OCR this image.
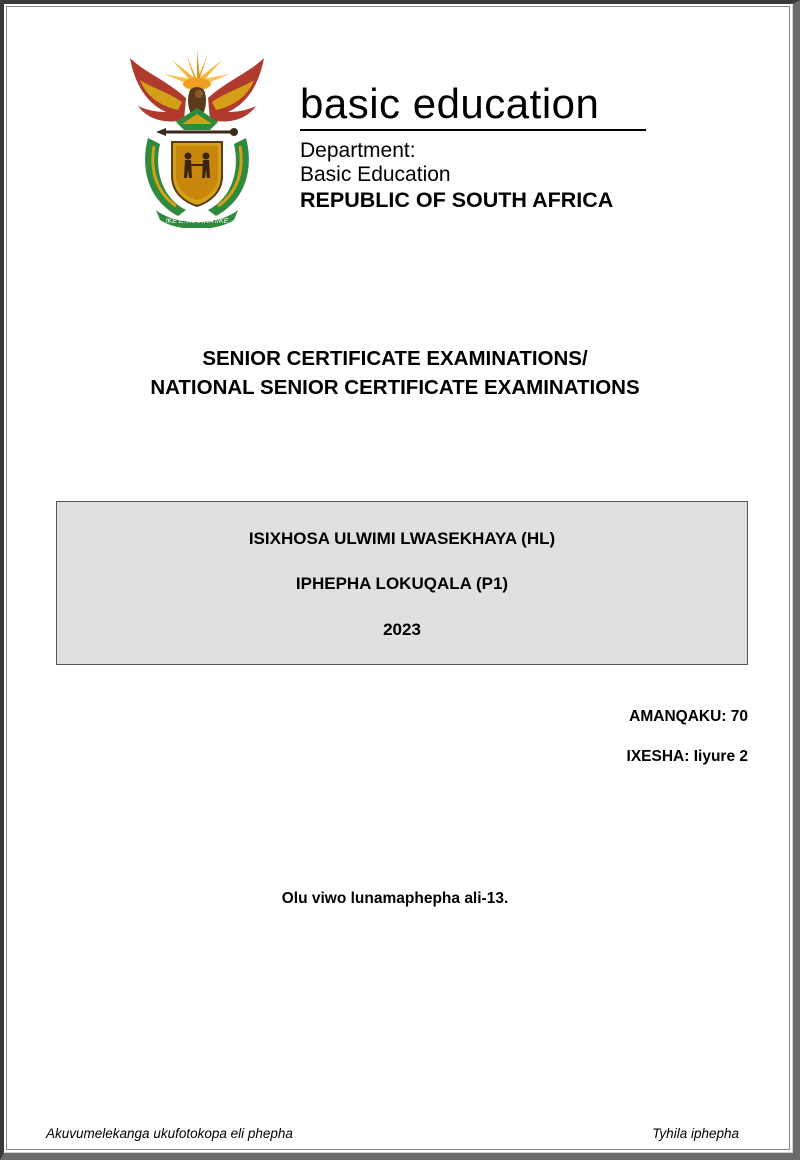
!KE E: /XARRA //KE
basic education
Department:
Basic Education
REPUBLIC OF SOUTH AFRICA
SENIOR CERTIFICATE EXAMINATIONS/
NATIONAL SENIOR CERTIFICATE EXAMINATIONS
ISIXHOSA ULWIMI LWASEKHAYA (HL)
IPHEPHA LOKUQALA (P1)
2023
AMANQAKU: 70
IXESHA: Iiyure 2
Olu viwo lunamaphepha ali-13.
Akuvumelekanga ukufotokopa eli phepha	Tyhila iphepha
